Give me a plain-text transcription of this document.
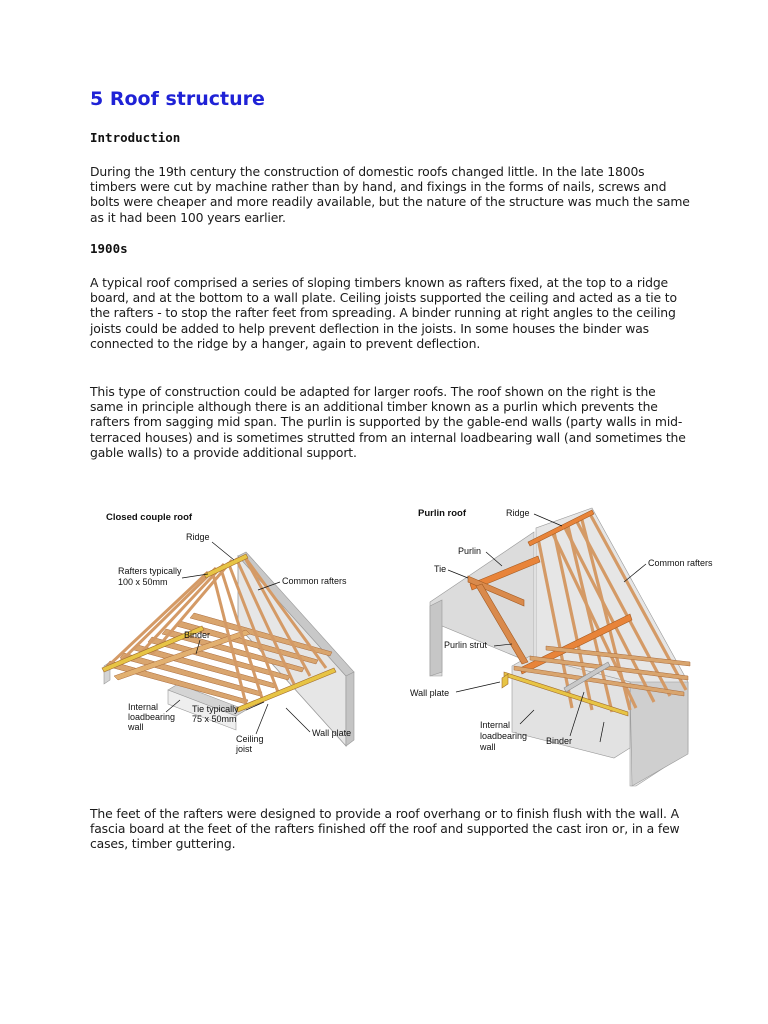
5 Roof structure
Introduction

During the 19th century the construction of domestic roofs changed little. In the late 1800s timbers were cut by machine rather than by hand, and fixings in the forms of nails, screws and bolts were cheaper and more readily available, but the nature of the structure was much the same as it had been 100 years earlier.

1900s

A typical roof comprised a series of sloping timbers known as rafters fixed, at the top to a ridge board, and at the bottom to a wall plate. Ceiling joists supported the ceiling and acted as a tie to the rafters - to stop the rafter feet from spreading. A binder running at right angles to the ceiling joists could be added to help prevent deflection in the joists. In some houses the binder was connected to the ridge by a hanger, again to prevent deflection.

This type of construction could be adapted for larger roofs. The roof shown on the right is the same in principle although there is an additional timber known as a purlin which prevents the rafters from sagging mid span. The purlin is supported by the gable-end walls (party walls in mid-terraced houses) and is sometimes strutted from an internal loadbearing wall (and sometimes the gable walls) to a provide additional support.

Closed couple roof
Ridge
Rafters typically
100 x 50mm	Common rafters
Binder
Internal
loadbearing
wall
Tie typically
75 x 50mm
Ceiling
joist
Wall plate
Purlin roof	Ridge
Purlin
Tie
Common rafters
Purlin strut
Wall plate
Internal
loadbearing
wall
Binder

The feet of the rafters were designed to provide a roof overhang or to finish flush with the wall. A fascia board at the feet of the rafters finished off the roof and supported the cast iron or, in a few cases, timber guttering.
